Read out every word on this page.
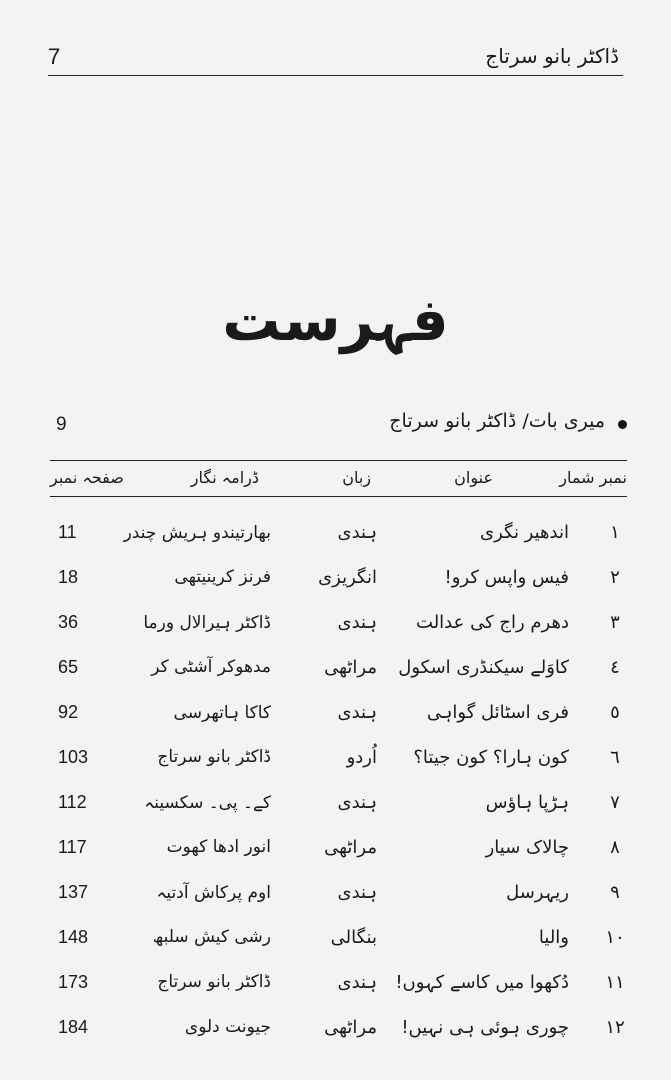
7	ڈاکٹر بانو سرتاج
فہرست
میری بات/ ڈاکٹر بانو سرتاج
9
نمبر شمار
عنوان
زبان
ڈرامہ نگار
صفحہ نمبر
١
اندھیر نگری
ہندی
بھارتیندو ہریش چندر
11
٢
فیس واپس کرو!
انگریزی
فرنز کرینیتھی
18
٣
دھرم راج کی عدالت
ہندی
ڈاکٹر ہیرالال ورما
36
٤
کاوَلے سیکنڈری اسکول
مراٹھی
مدھوکر آشٹی کر
65
٥
فری اسٹائل گواہی
ہندی
کاکا ہاتھرسی
92
٦
کون ہارا؟ کون جیتا؟
اُردو
ڈاکٹر بانو سرتاج
103
٧
ہڑپا ہاؤس
ہندی
کے۔ پی۔ سکسینہ
112
٨
چالاک سیار
مراٹھی
انور ادھا کھوت
117
٩
ریہرسل
ہندی
اوم پرکاش آدتیہ
137
١٠
والیا
بنگالی
رشی کیش سلبھ
148
١١
دُکھوا میں کاسے کہوں!
ہندی
ڈاکٹر بانو سرتاج
173
١٢
چوری ہوئی ہی نہیں!
مراٹھی
جیونت دلوی
184
